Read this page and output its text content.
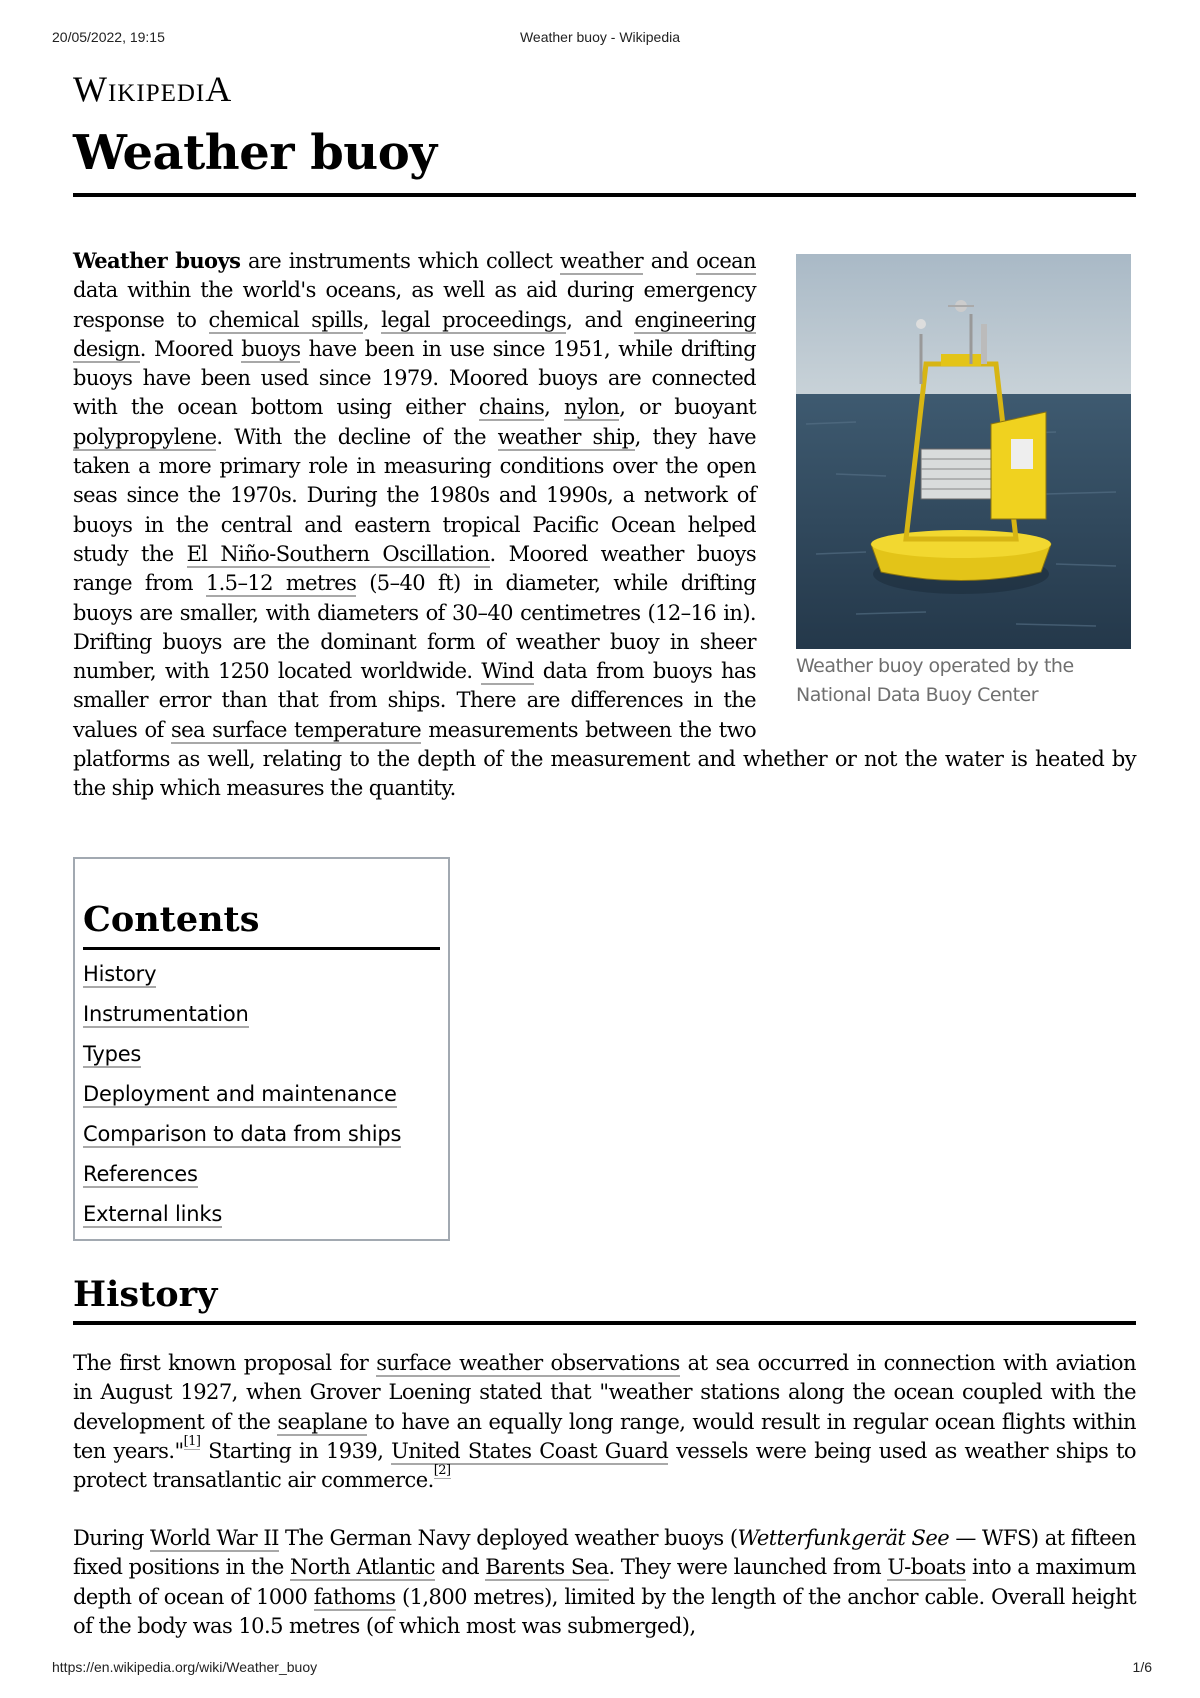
20/05/2022, 19:15	Weather buoy - Wikipedia
WIKIPEDIA
Weather buoy

Weather buoy operated by the National Data Buoy Center
Weather buoys are instruments which collect weather and ocean data within the world's oceans, as well as aid during emergency response to chemical spills, legal proceedings, and engineering design. Moored buoys have been in use since 1951, while drifting buoys have been used since 1979. Moored buoys are connected with the ocean bottom using either chains, nylon, or buoyant polypropylene. With the decline of the weather ship, they have taken a more primary role in measuring conditions over the open seas since the 1970s. During the 1980s and 1990s, a network of buoys in the central and eastern tropical Pacific Ocean helped study the El Niño-Southern Oscillation. Moored weather buoys range from 1.5–12 metres (5–40 ft) in diameter, while drifting buoys are smaller, with diameters of 30–40 centimetres (12–16 in). Drifting buoys are the dominant form of weather buoy in sheer number, with 1250 located worldwide. Wind data from buoys has smaller error than that from ships. There are differences in the values of sea surface temperature measurements between the two platforms as well, relating to the depth of the measurement and whether or not the water is heated by the ship which measures the quantity.

Contents
History
Instrumentation
Types
Deployment and maintenance
Comparison to data from ships
References
External links
History

The first known proposal for surface weather observations at sea occurred in connection with aviation in August 1927, when Grover Loening stated that "weather stations along the ocean coupled with the development of the seaplane to have an equally long range, would result in regular ocean flights within ten years."[1] Starting in 1939, United States Coast Guard vessels were being used as weather ships to protect transatlantic air commerce.[2]

During World War II The German Navy deployed weather buoys (Wetterfunkgerät See — WFS) at fifteen fixed positions in the North Atlantic and Barents Sea. They were launched from U-boats into a maximum depth of ocean of 1000 fathoms (1,800 metres), limited by the length of the anchor cable. Overall height of the body was 10.5 metres (of which most was submerged),

https://en.wikipedia.org/wiki/Weather_buoy	1/6
